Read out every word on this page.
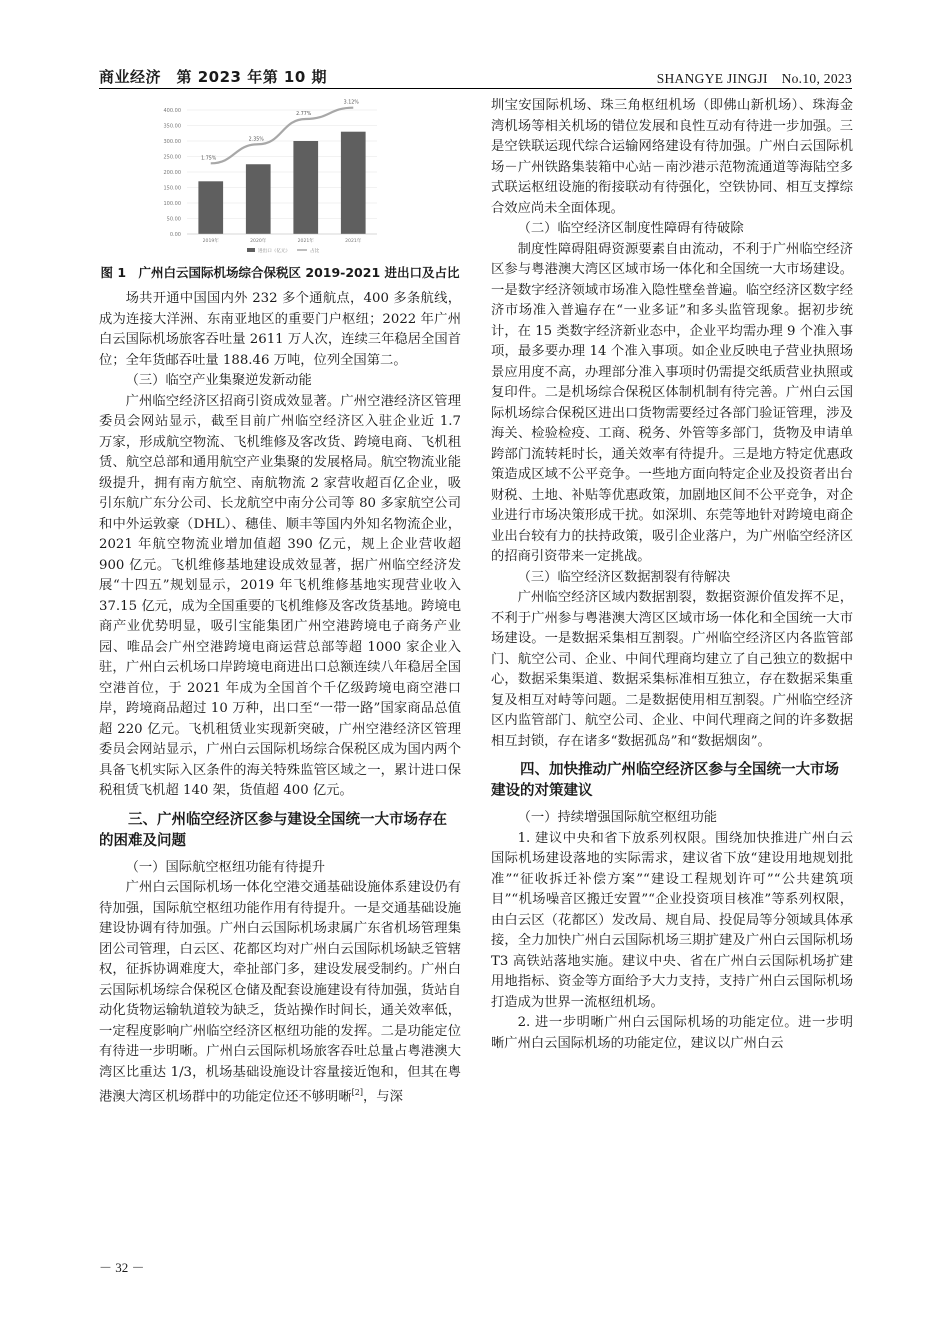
商业经济　第 2023 年第 10 期	SHANGYE JINGJI　No.10, 2023
0.00
50.00
100.00
150.00
200.00
250.00
300.00
350.00
400.00
2019年	2020年	2021年	2021年
1.75%
2.35%
2.77%
3.12%
进出口（亿元）	占比
图 1　广州白云国际机场综合保税区 2019-2021 进出口及占比

场共开通中国国内外 232 多个通航点，400 多条航线，成为连接大洋洲、东南亚地区的重要门户枢纽；2022 年广州白云国际机场旅客吞吐量 2611 万人次，连续三年稳居全国首位；全年货邮吞吐量 188.46 万吨，位列全国第二。

（三）临空产业集聚逆发新动能

广州临空经济区招商引资成效显著。广州空港经济区管理委员会网站显示，截至目前广州临空经济区入驻企业近 1.7 万家，形成航空物流、飞机维修及客改货、跨境电商、飞机租赁、航空总部和通用航空产业集聚的发展格局。航空物流业能级提升，拥有南方航空、南航物流 2 家营收超百亿企业，吸引东航广东分公司、长龙航空中南分公司等 80 多家航空公司和中外运敦豪（DHL）、穗佳、顺丰等国内外知名物流企业，2021 年航空物流业增加值超 390 亿元，规上企业营收超 900 亿元。飞机维修基地建设成效显著，据广州临空经济发展“十四五”规划显示，2019 年飞机维修基地实现营业收入 37.15 亿元，成为全国重要的飞机维修及客改货基地。跨境电商产业优势明显，吸引宝能集团广州空港跨境电子商务产业园、唯品会广州空港跨境电商运营总部等超 1000 家企业入驻，广州白云机场口岸跨境电商进出口总额连续八年稳居全国空港首位，于 2021 年成为全国首个千亿级跨境电商空港口岸，跨境商品超过 10 万种，出口至“一带一路”国家商品总值超 220 亿元。飞机租赁业实现新突破，广州空港经济区管理委员会网站显示，广州白云国际机场综合保税区成为国内两个具备飞机实际入区条件的海关特殊监管区域之一，累计进口保税租赁飞机超 140 架，货值超 400 亿元。

三、广州临空经济区参与建设全国统一大市场存在的困难及问题

（一）国际航空枢纽功能有待提升

广州白云国际机场一体化空港交通基础设施体系建设仍有待加强，国际航空枢纽功能作用有待提升。一是交通基础设施建设协调有待加强。广州白云国际机场隶属广东省机场管理集团公司管理，白云区、花都区均对广州白云国际机场缺乏管辖权，征拆协调难度大，牵扯部门多，建设发展受制约。广州白云国际机场综合保税区仓储及配套设施建设有待加强，货站自动化货物运输轨道较为缺乏，货站操作时间长，通关效率低，一定程度影响广州临空经济区枢纽功能的发挥。二是功能定位有待进一步明晰。广州白云国际机场旅客吞吐总量占粤港澳大湾区比重达 1/3，机场基础设施设计容量接近饱和，但其在粤港澳大湾区机场群中的功能定位还不够明晰[2]，与深

圳宝安国际机场、珠三角枢纽机场（即佛山新机场）、珠海金湾机场等相关机场的错位发展和良性互动有待进一步加强。三是空铁联运现代综合运输网络建设有待加强。广州白云国际机场－广州铁路集装箱中心站－南沙港示范物流通道等海陆空多式联运枢纽设施的衔接联动有待强化，空铁协同、相互支撑综合效应尚未全面体现。

（二）临空经济区制度性障碍有待破除

制度性障碍阻碍资源要素自由流动，不利于广州临空经济区参与粤港澳大湾区区域市场一体化和全国统一大市场建设。一是数字经济领域市场准入隐性壁垒普遍。临空经济区数字经济市场准入普遍存在“一业多证”和多头监管现象。据初步统计，在 15 类数字经济新业态中，企业平均需办理 9 个准入事项，最多要办理 14 个准入事项。如企业反映电子营业执照场景应用度不高，办理部分准入事项时仍需提交纸质营业执照或复印件。二是机场综合保税区体制机制有待完善。广州白云国际机场综合保税区进出口货物需要经过各部门验证管理，涉及海关、检验检疫、工商、税务、外管等多部门，货物及申请单跨部门流转耗时长，通关效率有待提升。三是地方特定优惠政策造成区域不公平竞争。一些地方面向特定企业及投资者出台财税、土地、补贴等优惠政策，加剧地区间不公平竞争，对企业进行市场决策形成干扰。如深圳、东莞等地针对跨境电商企业出台较有力的扶持政策，吸引企业落户，为广州临空经济区的招商引资带来一定挑战。

（三）临空经济区数据割裂有待解决

广州临空经济区域内数据割裂，数据资源价值发挥不足，不利于广州参与粤港澳大湾区区域市场一体化和全国统一大市场建设。一是数据采集相互割裂。广州临空经济区内各监管部门、航空公司、企业、中间代理商均建立了自己独立的数据中心，数据采集渠道、数据采集标准相互独立，存在数据采集重复及相互对峙等问题。二是数据使用相互割裂。广州临空经济区内监管部门、航空公司、企业、中间代理商之间的许多数据相互封锁，存在诸多“数据孤岛”和“数据烟囱”。

四、加快推动广州临空经济区参与全国统一大市场建设的对策建议

（一）持续增强国际航空枢纽功能

1. 建议中央和省下放系列权限。围绕加快推进广州白云国际机场建设落地的实际需求，建议省下放“建设用地规划批准”“征收拆迁补偿方案”“建设工程规划许可”“公共建筑项目”“机场噪音区搬迁安置”“企业投资项目核准”等系列权限，由白云区（花都区）发改局、规自局、投促局等分领域具体承接，全力加快广州白云国际机场三期扩建及广州白云国际机场 T3 高铁站落地实施。建议中央、省在广州白云国际机场扩建用地指标、资金等方面给予大力支持，支持广州白云国际机场打造成为世界一流枢纽机场。

2. 进一步明晰广州白云国际机场的功能定位。进一步明晰广州白云国际机场的功能定位，建议以广州白云

－ 32 －
